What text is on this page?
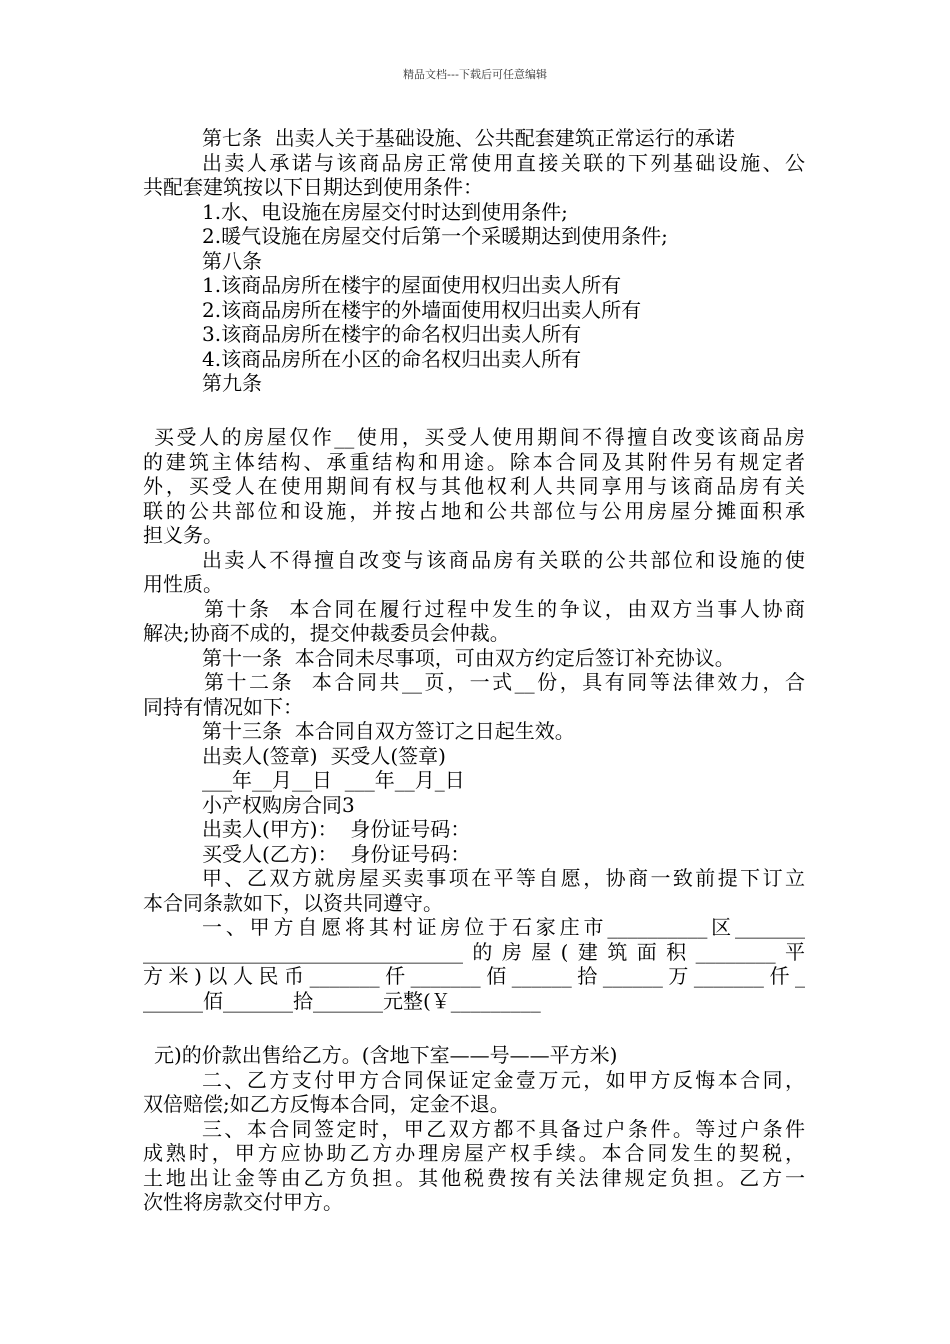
精品文档---下载后可任意编辑
第七条  出卖人关于基础设施、公共配套建筑正常运行的承诺
出卖人承诺与该商品房正常使用直接关联的下列基础设施、公
共配套建筑按以下日期达到使用条件：
1.水、电设施在房屋交付时达到使用条件;
2.暖气设施在房屋交付后第一个采暖期达到使用条件;
第八条
1.该商品房所在楼宇的屋面使用权归出卖人所有
2.该商品房所在楼宇的外墙面使用权归出卖人所有
3.该商品房所在楼宇的命名权归出卖人所有
4.该商品房所在小区的命名权归出卖人所有
第九条
买受人的房屋仅作__使用，买受人使用期间不得擅自改变该商品房
的建筑主体结构、承重结构和用途。除本合同及其附件另有规定者
外，买受人在使用期间有权与其他权利人共同享用与该商品房有关
联的公共部位和设施，并按占地和公共部位与公用房屋分摊面积承
担义务。
出卖人不得擅自改变与该商品房有关联的公共部位和设施的使
用性质。
第十条  本合同在履行过程中发生的争议，由双方当事人协商
解决;协商不成的，提交仲裁委员会仲裁。
第十一条  本合同未尽事项，可由双方约定后签订补充协议。
第十二条  本合同共__页，一式__份，具有同等法律效力，合
同持有情况如下：
第十三条  本合同自双方签订之日起生效。
出卖人(签章)  买受人(签章)
___年__月__日  ___年__月_日
小产权购房合同3
出卖人(甲方)：  身份证号码：
买受人(乙方)：  身份证号码：
甲、乙双方就房屋买卖事项在平等自愿，协商一致前提下订立
本合同条款如下，以资共同遵守。
一、甲方自愿将其村证房位于石家庄市__________区_______
________________________________的房屋(建筑面积________平
方米)以人民币_______仟_______佰______拾______万_______仟_
______佰_______拾_______元整(￥_________
元)的价款出售给乙方。(含地下室——号——平方米)
二、乙方支付甲方合同保证定金壹万元，如甲方反悔本合同，
双倍赔偿;如乙方反悔本合同，定金不退。
三、本合同签定时，甲乙双方都不具备过户条件。等过户条件
成熟时，甲方应协助乙方办理房屋产权手续。本合同发生的契税，
土地出让金等由乙方负担。其他税费按有关法律规定负担。乙方一
次性将房款交付甲方。
